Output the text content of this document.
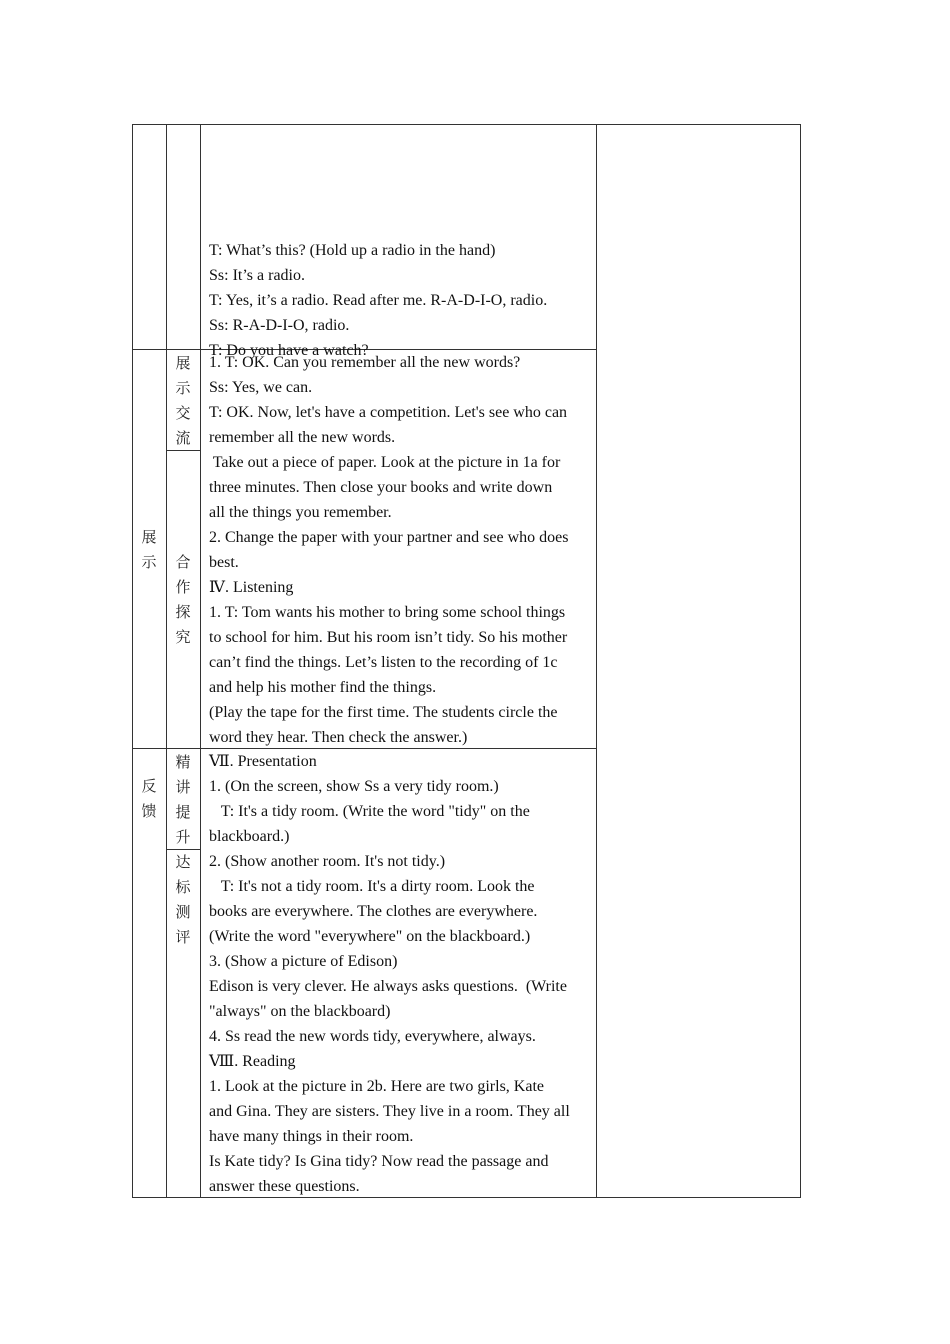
展
示
反
馈
展
示
交
流
合
作
探
究
精
讲
提
升
达
标
测
评
T: What’s this? (Hold up a radio in the hand)
Ss: It’s a radio.
T: Yes, it’s a radio. Read after me. R-A-D-I-O, radio.
Ss: R-A-D-I-O, radio.
T: Do you have a watch?
1. T: OK. Can you remember all the new words?
Ss: Yes, we can.
T: OK. Now, let's have a competition. Let's see who can
remember all the new words.
Take out a piece of paper. Look at the picture in 1a for
three minutes. Then close your books and write down
all the things you remember.
2. Change the paper with your partner and see who does
best.
Ⅳ. Listening
1. T: Tom wants his mother to bring some school things
to school for him. But his room isn’t tidy. So his mother
can’t find the things. Let’s listen to the recording of 1c
and help his mother find the things.
(Play the tape for the first time. The students circle the
word they hear. Then check the answer.)
Ⅶ. Presentation
1. (On the screen, show Ss a very tidy room.)
T: It's a tidy room. (Write the word "tidy" on the
blackboard.)
2. (Show another room. It's not tidy.)
T: It's not a tidy room. It's a dirty room. Look the
books are everywhere. The clothes are everywhere.
(Write the word "everywhere" on the blackboard.)
3. (Show a picture of Edison)
Edison is very clever. He always asks questions.  (Write
"always" on the blackboard)
4. Ss read the new words tidy, everywhere, always.
Ⅷ. Reading
1. Look at the picture in 2b. Here are two girls, Kate
and Gina. They are sisters. They live in a room. They all
have many things in their room.
Is Kate tidy? Is Gina tidy? Now read the passage and
answer these questions.
